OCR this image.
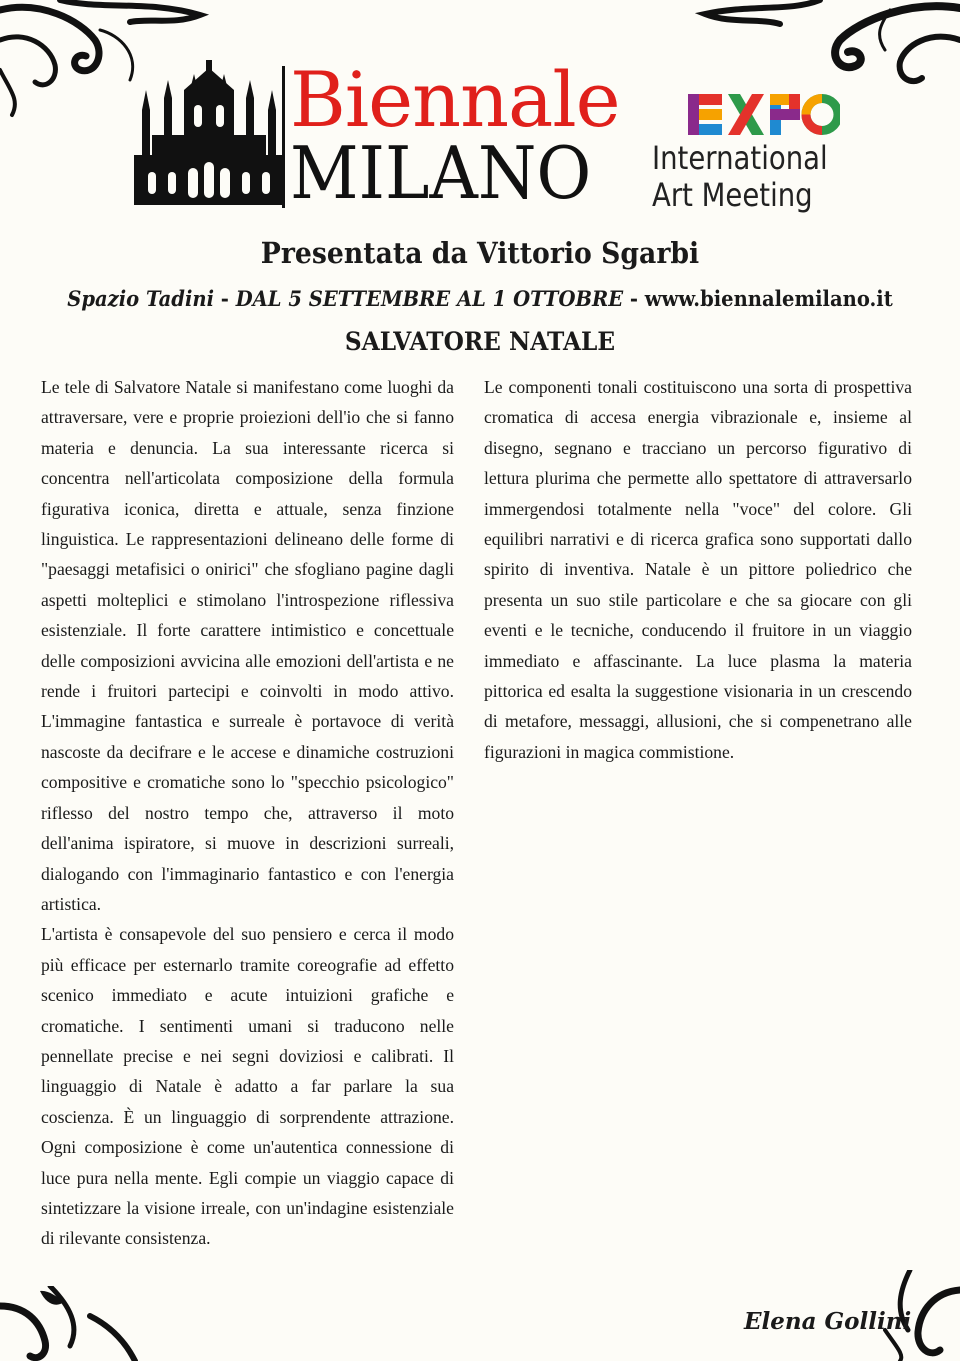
Biennale
MILANO International
Art Meeting
Presentata da Vittorio Sgarbi
Spazio Tadini - DAL 5 SETTEMBRE AL 1 OTTOBRE - www.biennalemilano.it
SALVATORE NATALE

Le tele di Salvatore Natale si manifestano come luoghi da attraversare, vere e proprie proiezioni dell'io che si fanno materia e denuncia. La sua interessante ricerca si concentra nell'articolata composizione della formula figurativa iconica, diretta e attuale, senza finzione linguistica. Le rappresentazioni delineano delle forme di "paesaggi metafisici o onirici" che sfogliano pagine dagli aspetti molteplici e stimolano l'introspezione riflessiva esistenziale. Il forte carattere intimistico e concettuale delle composizioni avvicina alle emozioni dell'artista e ne rende i fruitori partecipi e coinvolti in modo attivo. L'immagine fantastica e surreale è portavoce di verità nascoste da decifrare e le accese e dinamiche costruzioni compositive e cromatiche sono lo "specchio psicologico" riflesso del nostro tempo che, attraverso il moto dell'anima ispiratore, si muove in descrizioni surreali, dialogando con l'immaginario fantastico e con l'energia artistica.

L'artista è consapevole del suo pensiero e cerca il modo più efficace per esternarlo tramite coreografie ad effetto scenico immediato e acute intuizioni grafiche e cromatiche. I sentimenti umani si traducono nelle pennellate precise e nei segni doviziosi e calibrati. Il linguaggio di Natale è adatto a far parlare la sua coscienza. È un linguaggio di sorprendente attrazione. Ogni composizione è come un'autentica connessione di luce pura nella mente. Egli compie un viaggio capace di sintetizzare la visione irreale, con un'indagine esistenziale di rilevante consistenza.

Le componenti tonali costituiscono una sorta di prospettiva cromatica di accesa energia vibrazionale e, insieme al disegno, segnano e tracciano un percorso figurativo di lettura plurima che permette allo spettatore di attraversarlo immergendosi totalmente nella "voce" del colore. Gli equilibri narrativi e di ricerca grafica sono supportati dallo spirito di inventiva. Natale è un pittore poliedrico che presenta un suo stile particolare e che sa giocare con gli eventi e le tecniche, conducendo il fruitore in un viaggio immediato e affascinante. La luce plasma la materia pittorica ed esalta la suggestione visionaria in un crescendo di metafore, messaggi, allusioni, che si compenetrano alle figurazioni in magica commistione.

Elena Gollini
